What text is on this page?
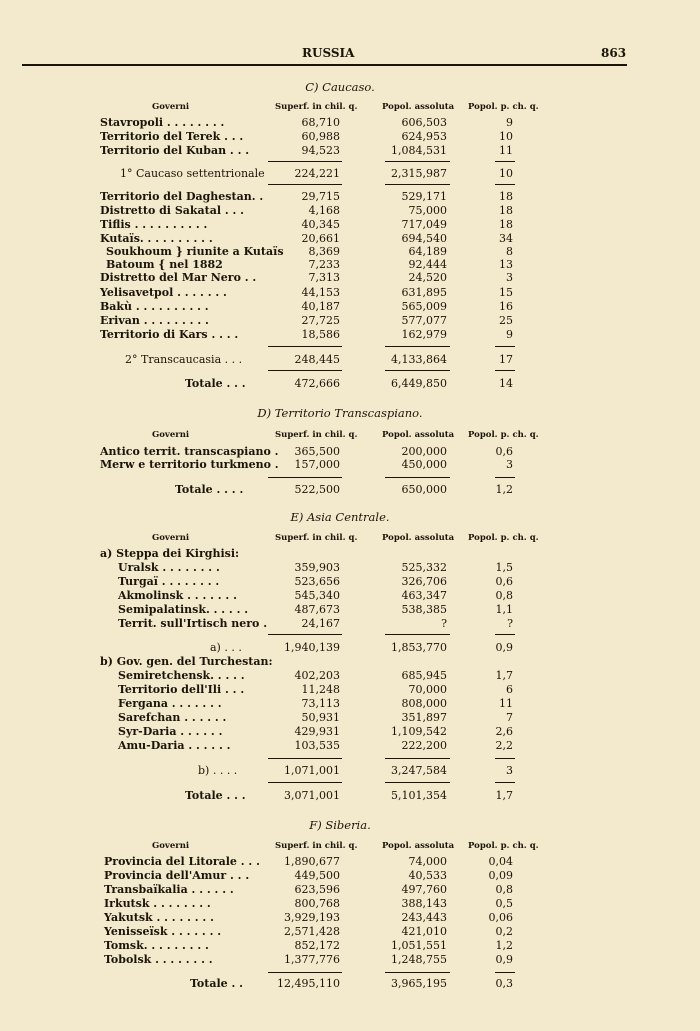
RUSSIA	863
C) Caucaso.
Governi	Superf. in chil. q.	Popol. assoluta Popol. p. ch. q.
Stavropoli . . . . . . . .	68,710	606,503	9
Territorio del Terek . . .	60,988	624,953	10
Territorio del Kuban . . .	94,523	1,084,531	11
1° Caucaso settentrionale	224,221	2,315,987	10
Territorio del Daghestan. .	29,715	529,171	18
Distretto di Sakatal . . .	4,168	75,000	18
Tiflis . . . . . . . . . .	40,345	717,049	18
Kutaïs. . . . . . . . . .	20,661	694,540	34
Soukhoum } riunite a Kutaïs 8,369	64,189	8
Batoum { nel 1882	7,233	92,444	13
Distretto del Mar Nero . .	7,313	24,520	3
Yelisavetpol . . . . . . .	44,153	631,895	15
Bakù . . . . . . . . . .	40,187	565,009	16
Erivan . . . . . . . . .	27,725	577,077	25
Territorio di Kars . . . .	18,586	162,979	9
2° Transcaucasia . . .	248,445	4,133,864	17
Totale . . .	472,666	6,449,850	14
D) Territorio Transcaspiano.
Governi	Superf. in chil. q.	Popol. assoluta Popol. p. ch. q.
Antico territ. transcaspiano . 365,500	200,000	0,6
Merw e territorio turkmeno . 157,000	450,000	3
Totale . . . .	522,500	650,000	1,2
E) Asia Centrale.
Governi	Superf. in chil. q.	Popol. assoluta Popol. p. ch. q.
a) Steppa dei Kirghisi:
Uralsk . . . . . . . .	359,903	525,332	1,5
Turgaï . . . . . . . .	523,656	326,706	0,6
Akmolinsk . . . . . . .	545,340	463,347	0,8
Semipalatinsk. . . . . .	487,673	538,385	1,1
Territ. sull'Irtisch nero .	24,167	?	?
a) . . .	1,940,139	1,853,770	0,9
b) Gov. gen. del Turchestan:
Semiretchensk. . . . .	402,203	685,945	1,7
Territorio dell'Ili . . .	11,248	70,000	6
Fergana . . . . . . .	73,113	808,000	11
Sarefchan . . . . . .	50,931	351,897	7
Syr-Daria . . . . . .	429,931	1,109,542	2,6
Amu-Daria . . . . . .	103,535	222,200	2,2
b) . . . .	1,071,001	3,247,584	3
Totale . . .	3,071,001	5,101,354	1,7
F) Siberia.
Governi	Superf. in chil. q.	Popol. assoluta Popol. p. ch. q.
Provincia del Litorale . . . 1,890,677	74,000	0,04
Provincia dell'Amur . . .	449,500	40,533	0,09
Transbaïkalia . . . . . .	623,596	497,760	0,8
Irkutsk . . . . . . . .	800,768	388,143	0,5
Yakutsk . . . . . . . .	3,929,193	243,443	0,06
Yenisseïsk . . . . . . .	2,571,428	421,010	0,2
Tomsk. . . . . . . . .	852,172	1,051,551	1,2
Tobolsk . . . . . . . .	1,377,776	1,248,755	0,9
Totale . .	12,495,110	3,965,195	0,3
